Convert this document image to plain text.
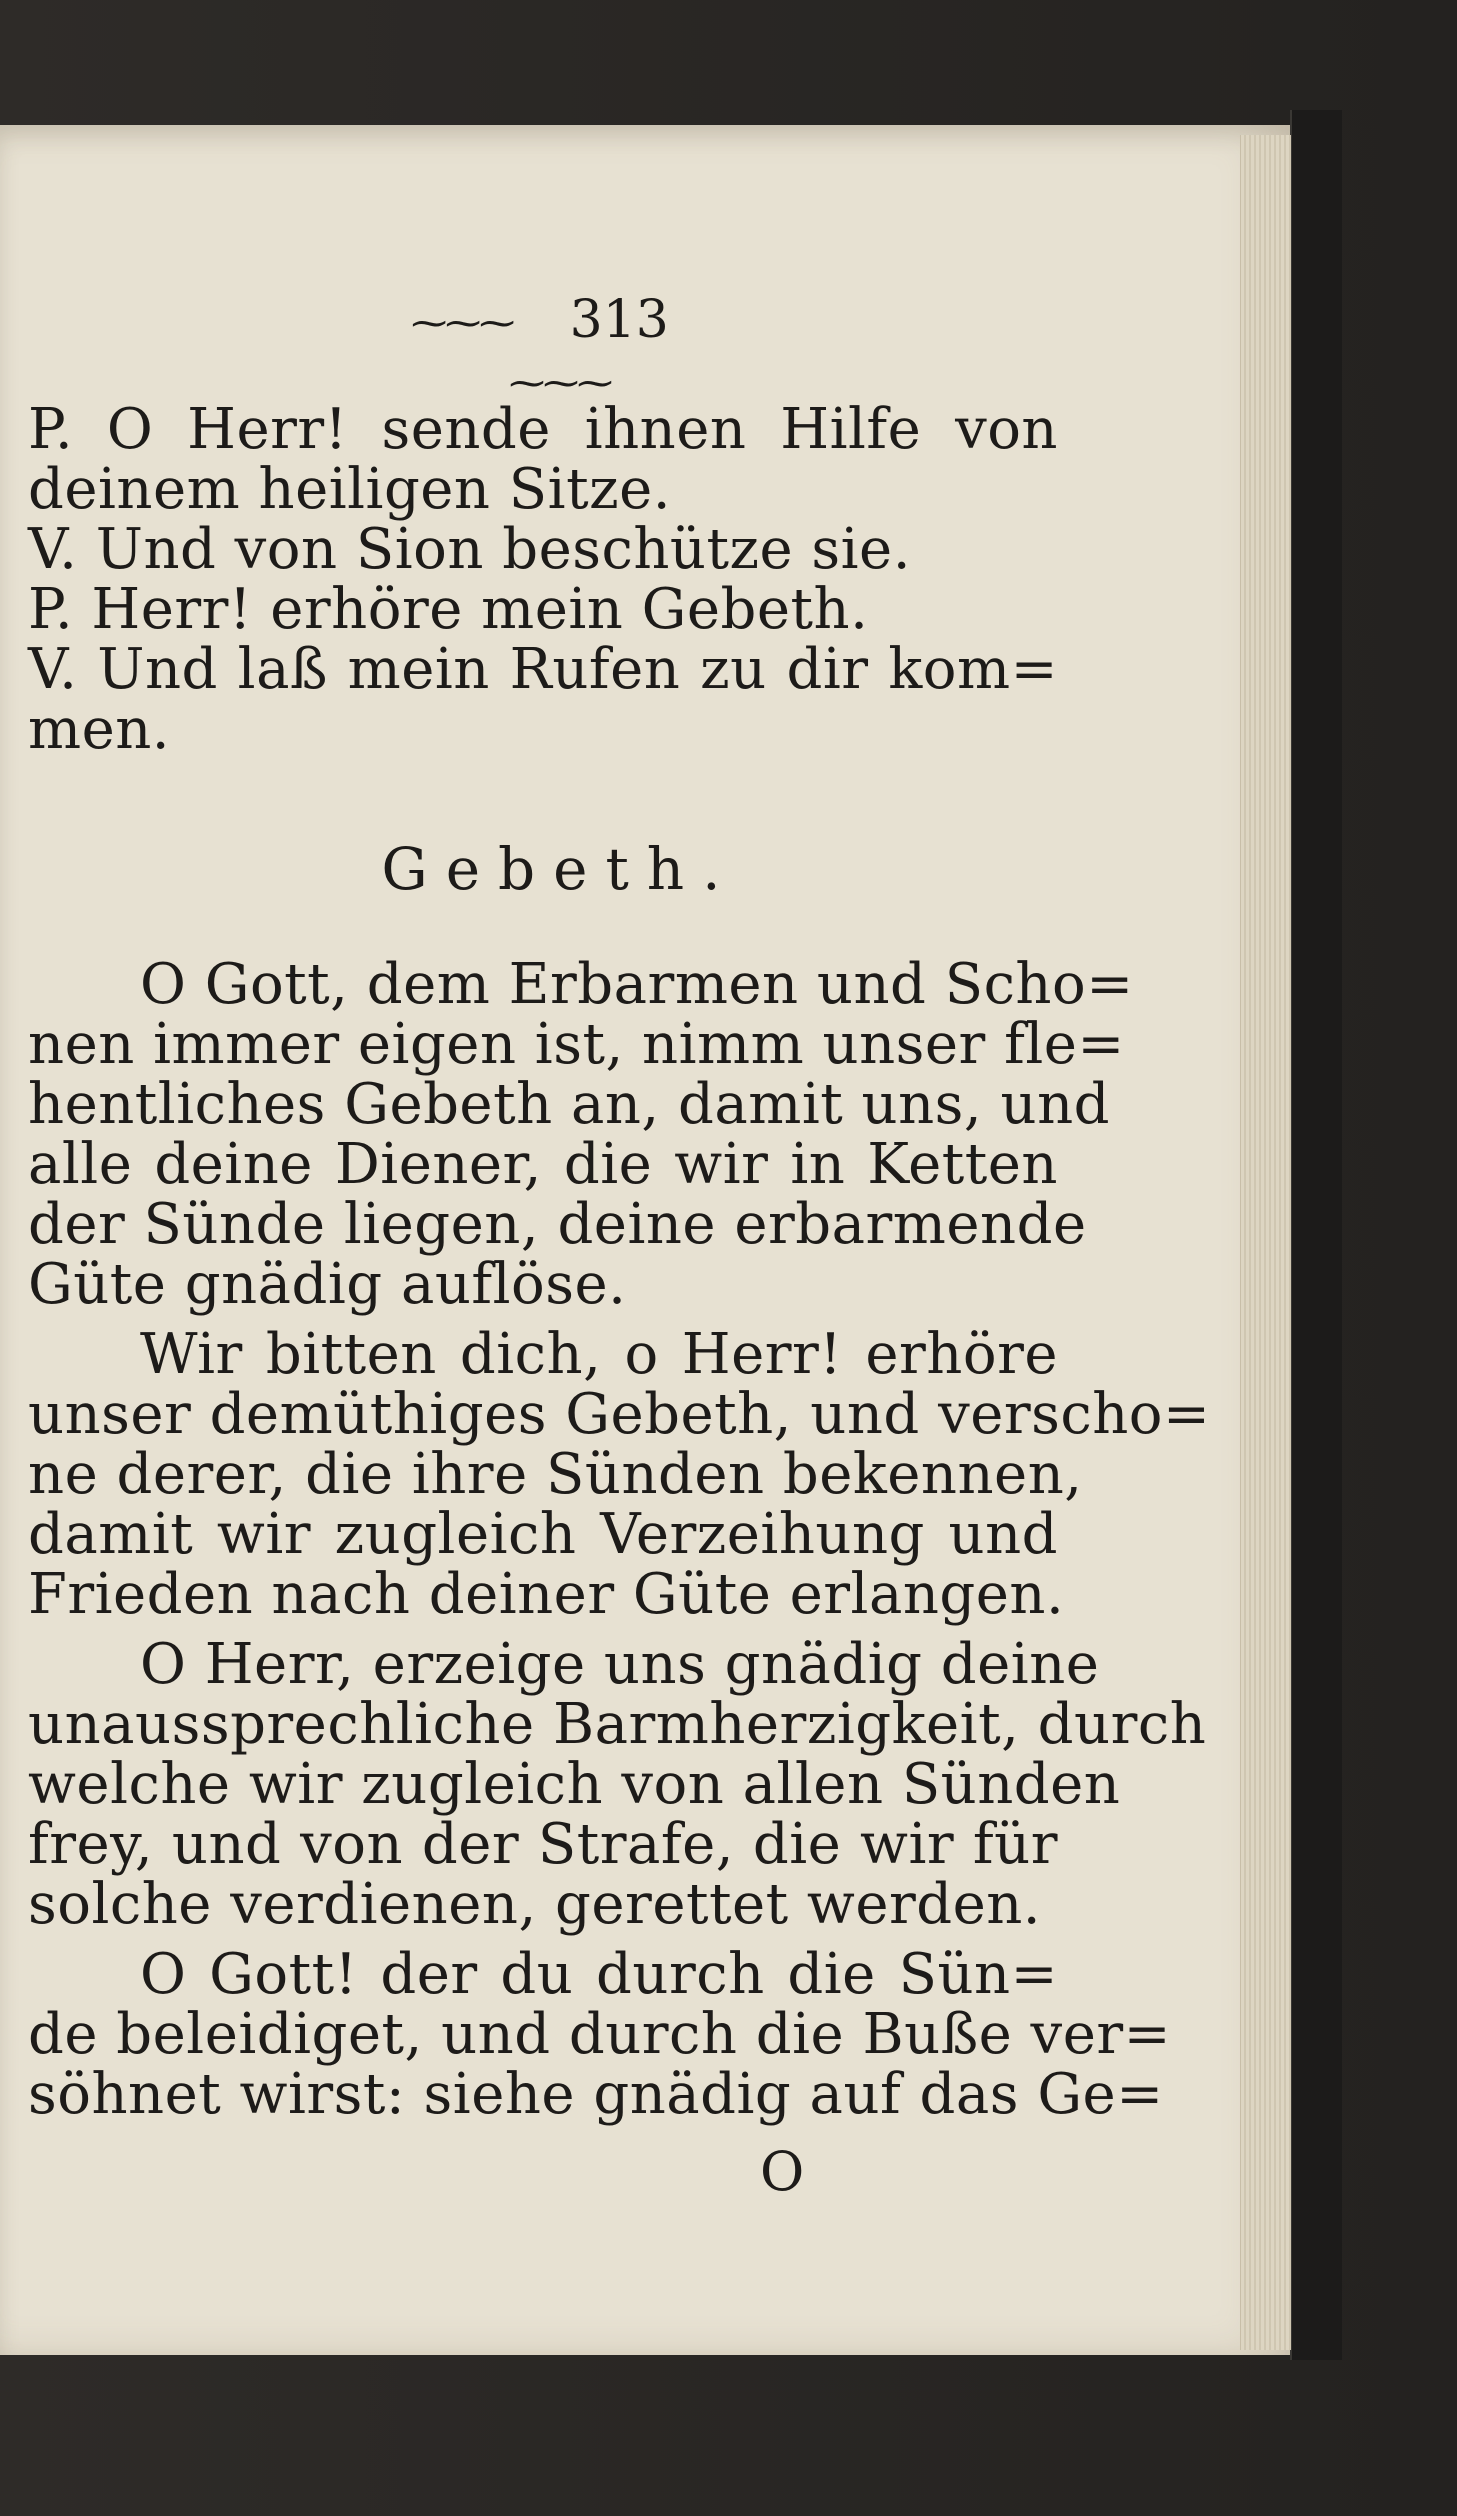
⁓⁓⁓ 313 ⁓⁓⁓
P. O Herr! sende ihnen Hilfe von
deinem heiligen Sitze.
V. Und von Sion beschütze sie.
P. Herr! erhöre mein Gebeth.
V. Und laß mein Rufen zu dir kom=
men.
Gebeth.
O Gott, dem Erbarmen und Scho=
nen immer eigen ist, nimm unser fle=
hentliches Gebeth an, damit uns, und
alle deine Diener, die wir in Ketten
der Sünde liegen, deine erbarmende
Güte gnädig auflöse.
Wir bitten dich, o Herr! erhöre
unser demüthiges Gebeth, und verscho=
ne derer, die ihre Sünden bekennen,
damit wir zugleich Verzeihung und
Frieden nach deiner Güte erlangen.
O Herr, erzeige uns gnädig deine
unaussprechliche Barmherzigkeit, durch
welche wir zugleich von allen Sünden
frey, und von der Strafe, die wir für
solche verdienen, gerettet werden.
O Gott! der du durch die Sün=
de beleidiget, und durch die Buße ver=
söhnet wirst: siehe gnädig auf das Ge=
O
